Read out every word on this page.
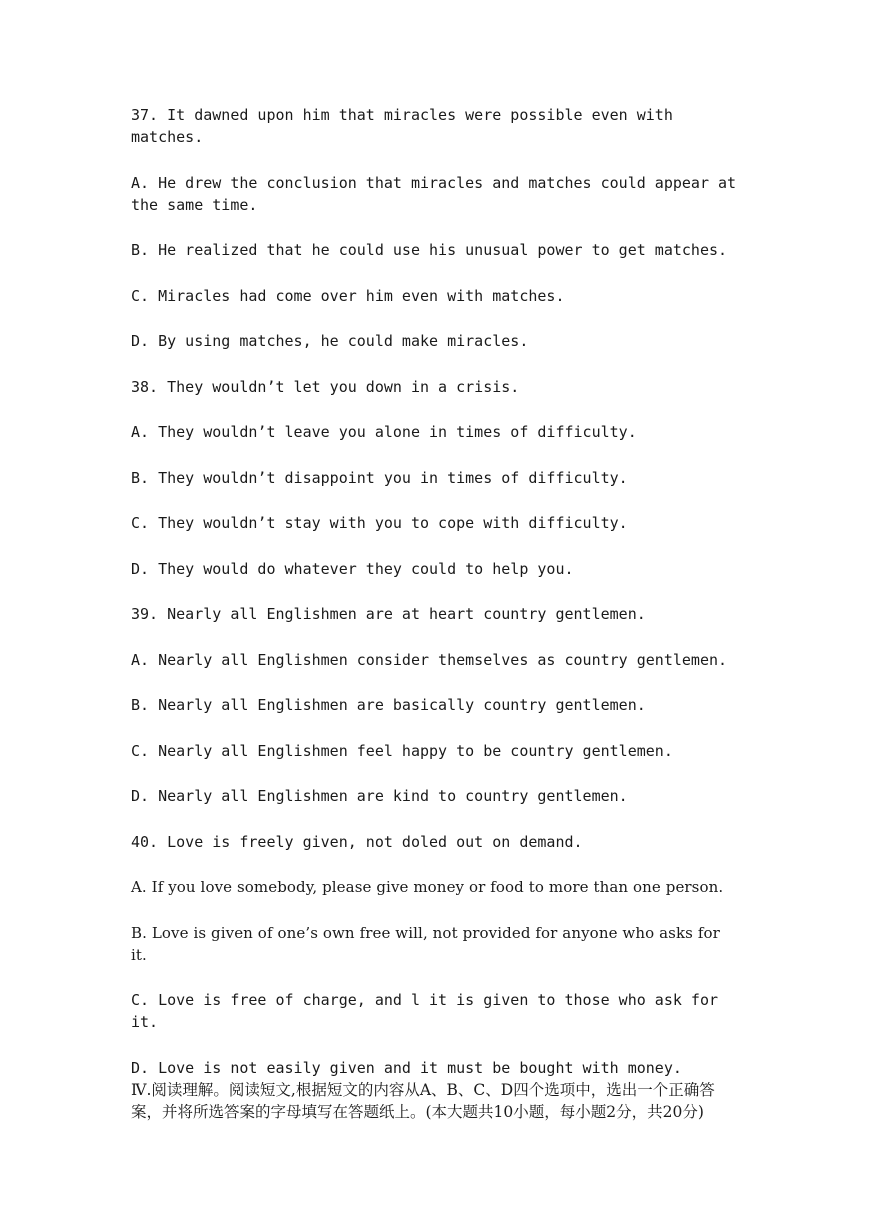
37. It dawned upon him that miracles were possible even with matches.

A. He drew the conclusion that miracles and matches could appear at the same time.

B. He realized that he could use his unusual power to get matches.

C. Miracles had come over him even with matches.

D. By using matches, he could make miracles.

38. They wouldn’t let you down in a crisis.

A. They wouldn’t leave you alone in times of difficulty.

B. They wouldn’t disappoint you in times of difficulty.

C. They wouldn’t stay with you to cope with difficulty.

D. They would do whatever they could to help you.

39. Nearly all Englishmen are at heart country gentlemen.

A. Nearly all Englishmen consider themselves as country gentlemen.

B. Nearly all Englishmen are basically country gentlemen.

C. Nearly all Englishmen feel happy to be country gentlemen.

D. Nearly all Englishmen are kind to country gentlemen.

40. Love is freely given, not doled out on demand.

A. If you love somebody, please give money or food to more than one person.

B. Love is given of one’s own free will, not provided for anyone who asks for it.

C. Love is free of charge, and l it is given to those who ask for it.

D. Love is not easily given and it must be bought with money.

Ⅳ.阅读理解。阅读短文,根据短文的内容从A、B、C、D四个选项中，选出一个正确答案，并将所选答案的字母填写在答题纸上。(本大题共10小题，每小题2分，共20分)
